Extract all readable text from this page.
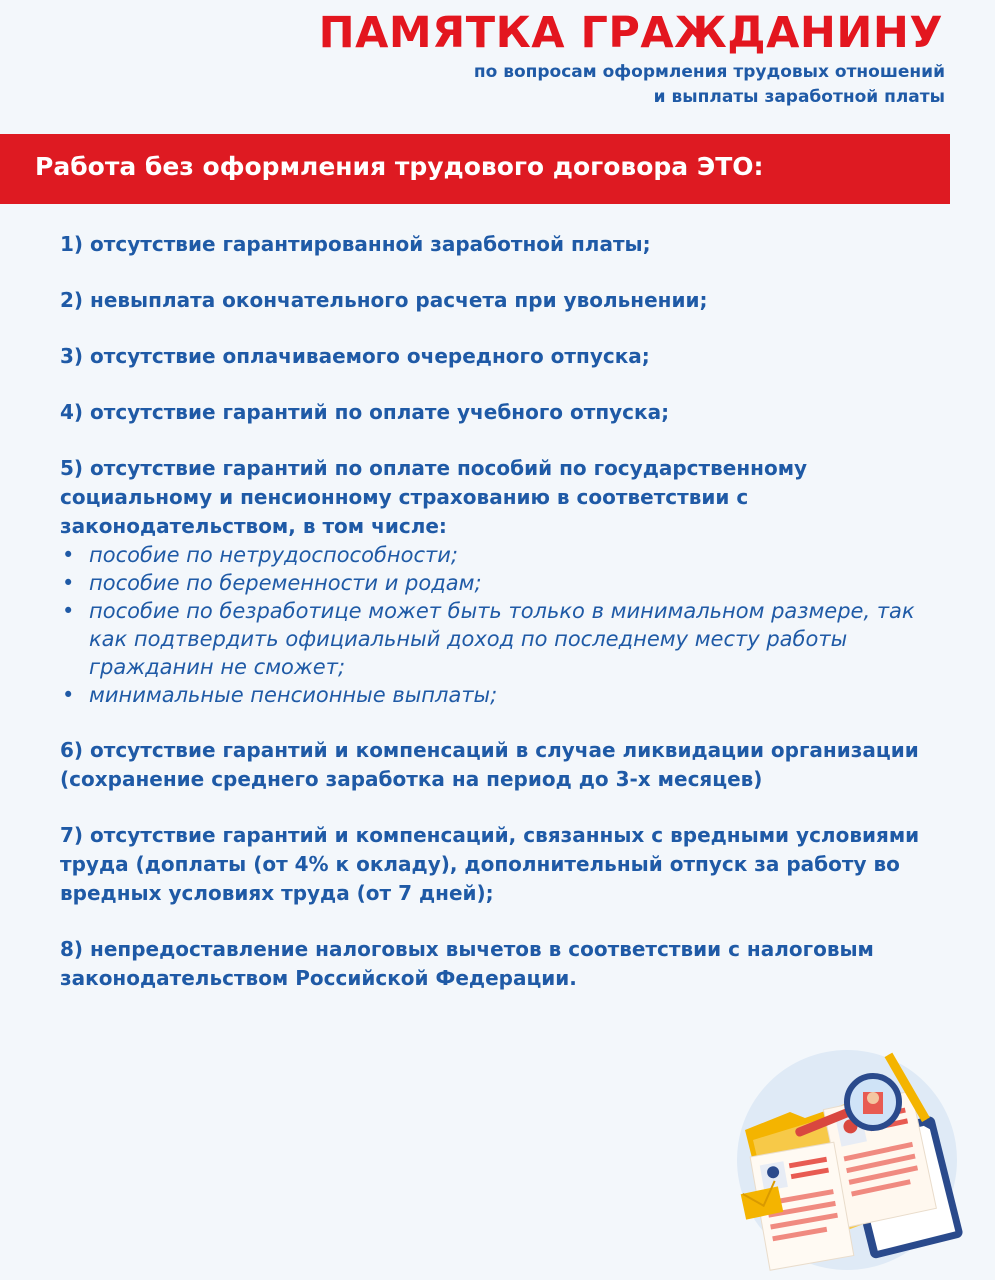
ПАМЯТКА ГРАЖДАНИНУ
по вопросам оформления трудовых отношений
и выплаты заработной платы
Работа без оформления трудового договора ЭТО:
1) отсутствие гарантированной заработной платы;
2) невыплата окончательного расчета при увольнении;
3) отсутствие оплачиваемого очередного отпуска;
4) отсутствие гарантий по оплате учебного отпуска;
5) отсутствие гарантий по оплате пособий по государственному социальному и пенсионному страхованию в соответствии с законодательством, в том числе:
• пособие по нетрудоспособности;
• пособие по беременности и родам;
• пособие по безработице может быть только в минимальном размере, так как подтвердить официальный доход по последнему месту работы гражданин не сможет;
• минимальные пенсионные выплаты;
6) отсутствие гарантий и компенсаций в случае ликвидации организации (сохранение среднего заработка на период до 3-х месяцев)
7) отсутствие гарантий и компенсаций, связанных с вредными условиями труда (доплаты (от 4% к окладу), дополнительный отпуск за работу во вредных условиях труда (от 7 дней);
8) непредоставление налоговых вычетов в соответствии с налоговым законодательством Российской Федерации.
